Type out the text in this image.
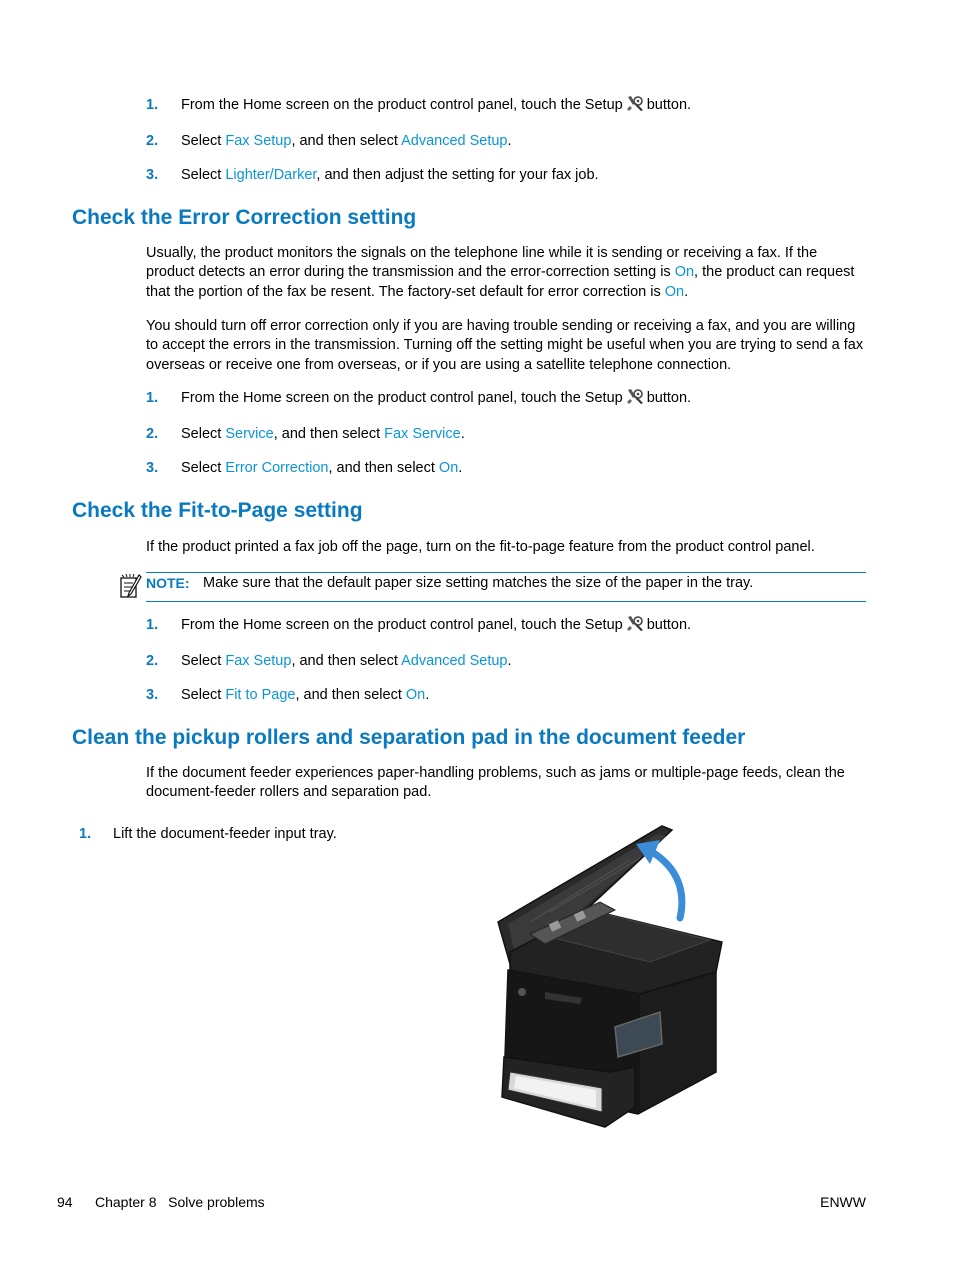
1. From the Home screen on the product control panel, touch the Setup button.
2. Select Fax Setup, and then select Advanced Setup.
3. Select Lighter/Darker, and then adjust the setting for your fax job.
Check the Error Correction setting
Usually, the product monitors the signals on the telephone line while it is sending or receiving a fax. If the product detects an error during the transmission and the error-correction setting is On, the product can request that the portion of the fax be resent. The factory-set default for error correction is On.
You should turn off error correction only if you are having trouble sending or receiving a fax, and you are willing to accept the errors in the transmission. Turning off the setting might be useful when you are trying to send a fax overseas or receive one from overseas, or if you are using a satellite telephone connection.
1. From the Home screen on the product control panel, touch the Setup button.
2. Select Service, and then select Fax Service.
3. Select Error Correction, and then select On.
Check the Fit-to-Page setting
If the product printed a fax job off the page, turn on the fit-to-page feature from the product control panel.
NOTE: Make sure that the default paper size setting matches the size of the paper in the tray.
1. From the Home screen on the product control panel, touch the Setup button.
2. Select Fax Setup, and then select Advanced Setup.
3. Select Fit to Page, and then select On.
Clean the pickup rollers and separation pad in the document feeder
If the document feeder experiences paper-handling problems, such as jams or multiple-page feeds, clean the document-feeder rollers and separation pad.
1. Lift the document-feeder input tray.
94 Chapter 8   Solve problems	ENWW
